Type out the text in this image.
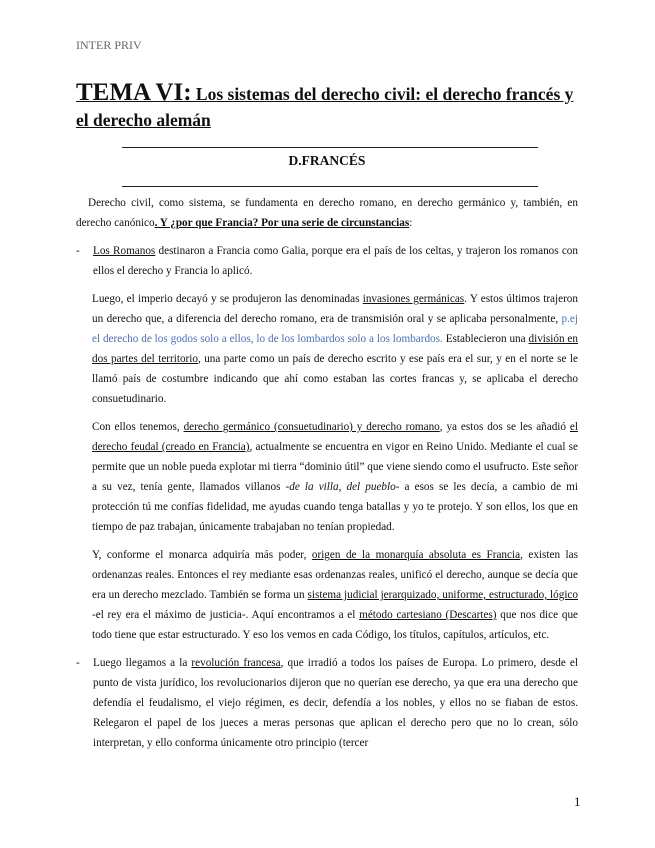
INTER PRIV
TEMA VI: Los sistemas del derecho civil: el derecho francés y el derecho alemán
D.FRANCÉS

Derecho civil, como sistema, se fundamenta en derecho romano, en derecho germánico y, también, en derecho canónico. Y ¿por que Francia? Por una serie de circunstancias:

- Los Romanos destinaron a Francia como Galia, porque era el país de los celtas, y trajeron los romanos con ellos el derecho y Francia lo aplicó.

Luego, el imperio decayó y se produjeron las denominadas invasiones germánicas. Y estos últimos trajeron un derecho que, a diferencia del derecho romano, era de transmisión oral y se aplicaba personalmente, p.ej el derecho de los godos solo a ellos, lo de los lombardos solo a los lombardos. Establecieron una división en dos partes del territorio, una parte como un país de derecho escrito y ese país era el sur, y en el norte se le llamó país de costumbre indicando que ahí como estaban las cortes francas y, se aplicaba el derecho consuetudinario.

Con ellos tenemos, derecho germánico (consuetudinario) y derecho romano, ya estos dos se les añadió el derecho feudal (creado en Francia), actualmente se encuentra en vigor en Reino Unido. Mediante el cual se permite que un noble pueda explotar mi tierra “dominio útil” que viene siendo como el usufructo. Este señor a su vez, tenía gente, llamados villanos -de la villa, del pueblo- a esos se les decía, a cambio de mi protección tú me confías fidelidad, me ayudas cuando tenga batallas y yo te protejo. Y son ellos, los que en tiempo de paz trabajan, únicamente trabajaban no tenían propiedad.

Y, conforme el monarca adquiría más poder, origen de la monarquía absoluta es Francia, existen las ordenanzas reales. Entonces el rey mediante esas ordenanzas reales, unificó el derecho, aunque se decía que era un derecho mezclado. También se forma un sistema judicial jerarquizado, uniforme, estructurado, lógico -el rey era el máximo de justicia-. Aquí encontramos a el método cartesiano (Descartes) que nos dice que todo tiene que estar estructurado. Y eso los vemos en cada Código, los títulos, capítulos, artículos, etc.

- Luego llegamos a la revolución francesa, que irradió a todos los países de Europa. Lo primero, desde el punto de vista jurídico, los revolucionarios dijeron que no querían ese derecho, ya que era una derecho que defendía el feudalismo, el viejo régimen, es decir, defendía a los nobles, y ellos no se fiaban de estos. Relegaron el papel de los jueces a meras personas que aplican el derecho pero que no lo crean, sólo interpretan, y ello conforma únicamente otro principio (tercer

1
